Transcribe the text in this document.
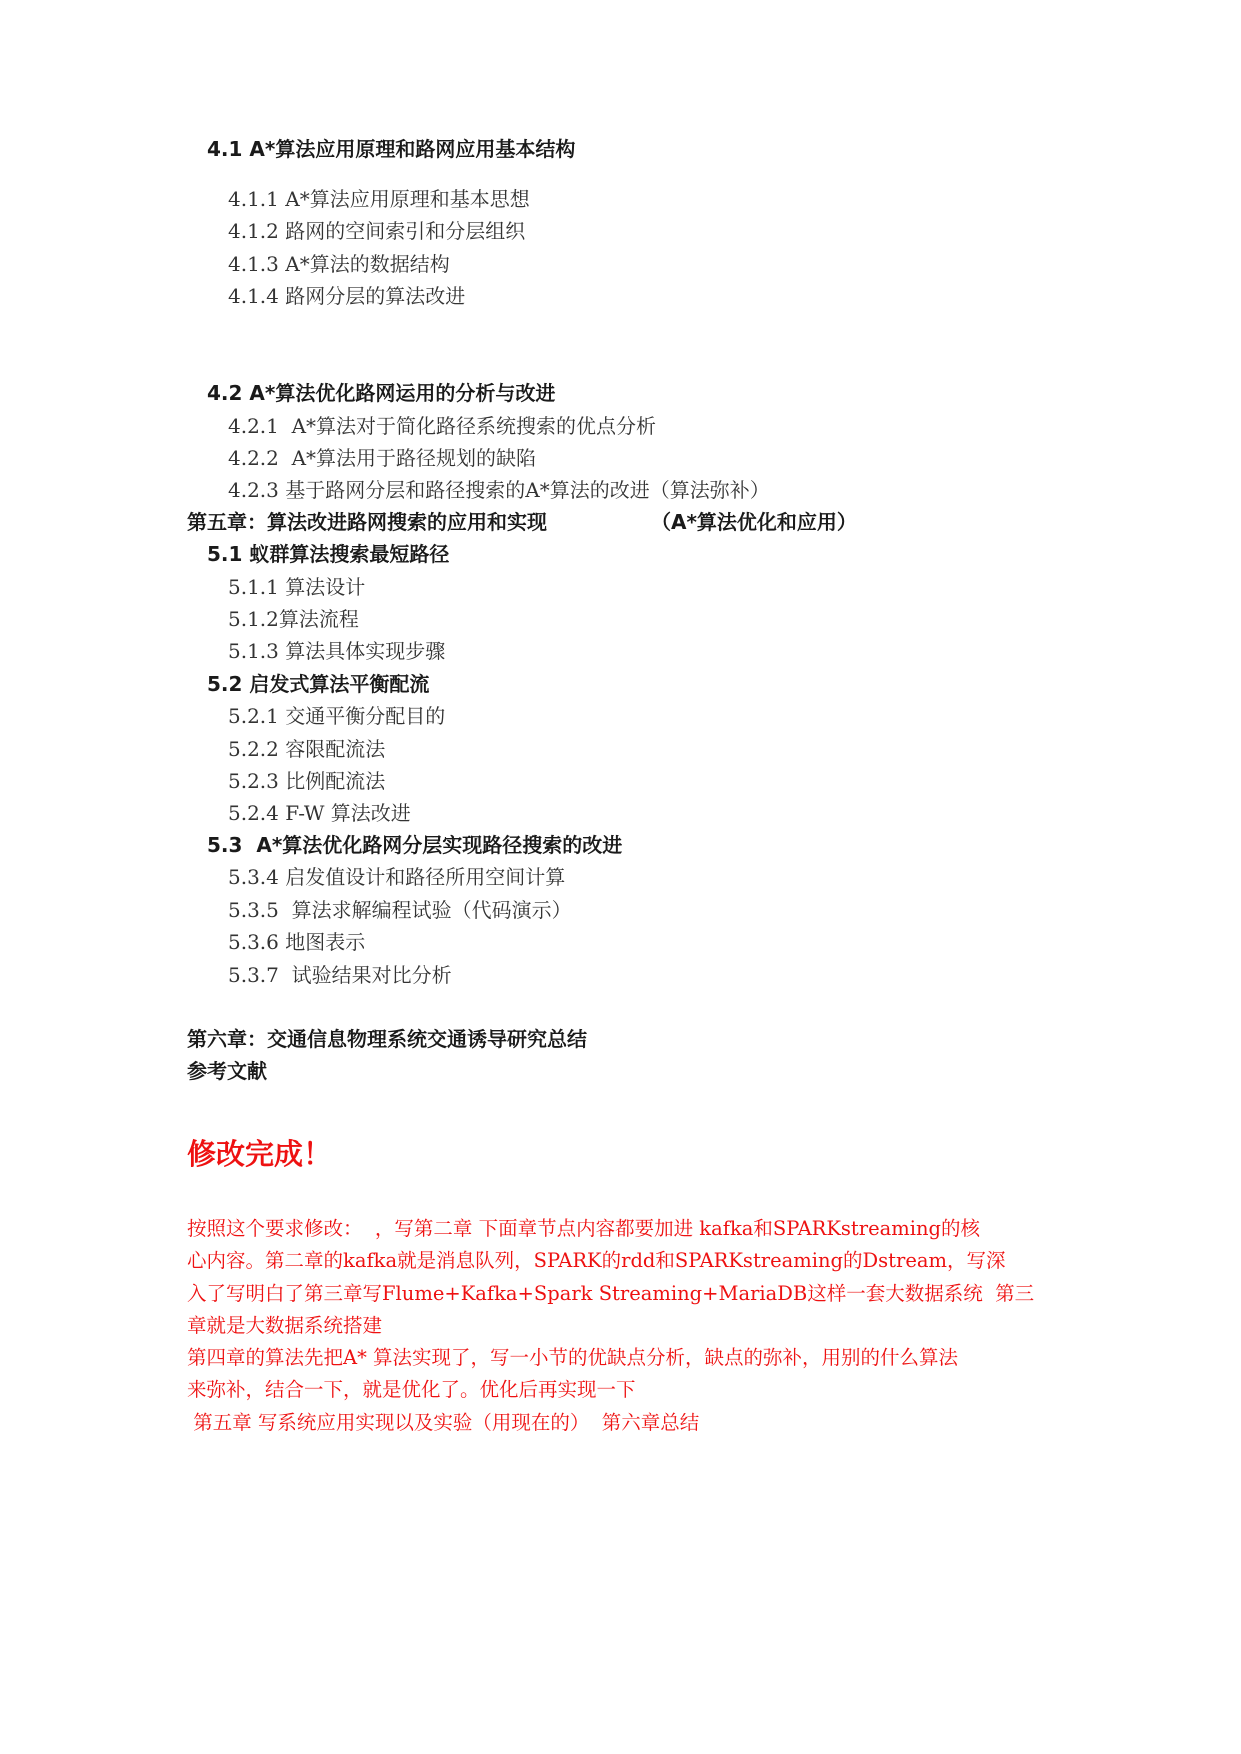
4.1 A*算法应用原理和路网应用基本结构
4.1.1 A*算法应用原理和基本思想
4.1.2 路网的空间索引和分层组织
4.1.3 A*算法的数据结构
4.1.4 路网分层的算法改进
4.2 A*算法优化路网运用的分析与改进
4.2.1  A*算法对于简化路径系统搜索的优点分析
4.2.2  A*算法用于路径规划的缺陷
4.2.3 基于路网分层和路径搜索的A*算法的改进（算法弥补）
第五章：算法改进路网搜索的应用和实现	（A*算法优化和应用）
5.1 蚁群算法搜索最短路径
5.1.1 算法设计
5.1.2算法流程
5.1.3 算法具体实现步骤
5.2 启发式算法平衡配流
5.2.1 交通平衡分配目的
5.2.2 容限配流法
5.2.3 比例配流法
5.2.4 F-W 算法改进
5.3  A*算法优化路网分层实现路径搜索的改进
5.3.4 启发值设计和路径所用空间计算
5.3.5  算法求解编程试验（代码演示）
5.3.6 地图表示
5.3.7  试验结果对比分析
第六章：交通信息物理系统交通诱导研究总结
参考文献
修改完成！
按照这个要求修改：  ，写第二章 下面章节点内容都要加进 kafka和SPARKstreaming的核
心内容。第二章的kafka就是消息队列，SPARK的rdd和SPARKstreaming的Dstream，写深
入了写明白了第三章写Flume+Kafka+Spark Streaming+MariaDB这样一套大数据系统  第三
章就是大数据系统搭建
第四章的算法先把A* 算法实现了，写一小节的优缺点分析，缺点的弥补，用别的什么算法
来弥补，结合一下，就是优化了。优化后再实现一下
第五章 写系统应用实现以及实验（用现在的）  第六章总结
